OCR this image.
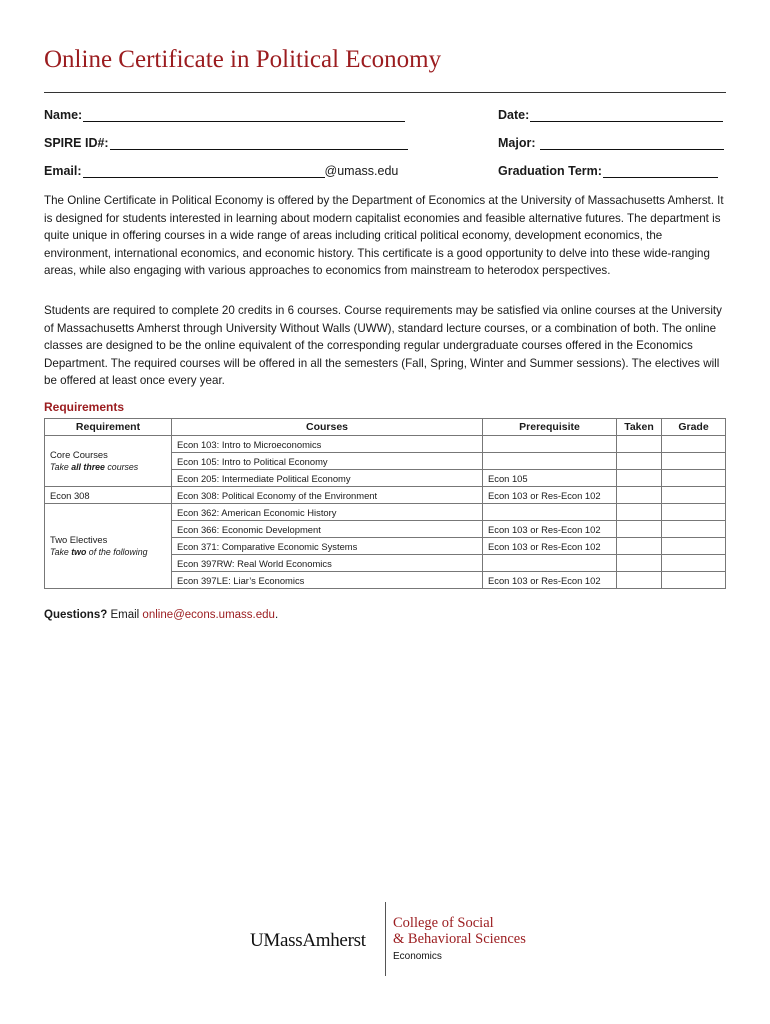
Online Certificate in Political Economy
Name:	Date:
SPIRE ID#:	Major:
Email:	@umass.edu	Graduation Term:

The Online Certificate in Political Economy is offered by the Department of Economics at the University of Massachusetts Amherst. It is designed for students interested in learning about modern capitalist economies and feasible alternative futures. The department is quite unique in offering courses in a wide range of areas including critical political economy, development economics, the environment, international economics, and economic history. This certificate is a good opportunity to delve into these wide-ranging areas, while also engaging with various approaches to economics from mainstream to heterodox perspectives.

Students are required to complete 20 credits in 6 courses. Course requirements may be satisfied via online courses at the University of Massachusetts Amherst through University Without Walls (UWW), standard lecture courses, or a combination of both. The online classes are designed to be the online equivalent of the corresponding regular undergraduate courses offered in the Economics Department. The required courses will be offered in all the semesters (Fall, Spring, Winter and Summer sessions). The electives will be offered at least once every year.

Requirements
Requirement	Courses	Prerequisite	Taken	Grade
Core Courses
Take all three courses	Econ 103: Intro to Microeconomics			
	Econ 105: Intro to Political Economy			
	Econ 205: Intermediate Political Economy	Econ 105		
Econ 308	Econ 308: Political Economy of the Environment	Econ 103 or Res-Econ 102		
Two Electives
Take two of the following	Econ 362: American Economic History			
	Econ 366: Economic Development	Econ 103 or Res-Econ 102		
	Econ 371: Comparative Economic Systems	Econ 103 or Res-Econ 102		
	Econ 397RW: Real World Economics			
	Econ 397LE: Liar’s Economics	Econ 103 or Res-Econ 102		
Questions? Email online@econs.umass.edu.
UMassAmherst
College of Social
& Behavioral Sciences
Economics
